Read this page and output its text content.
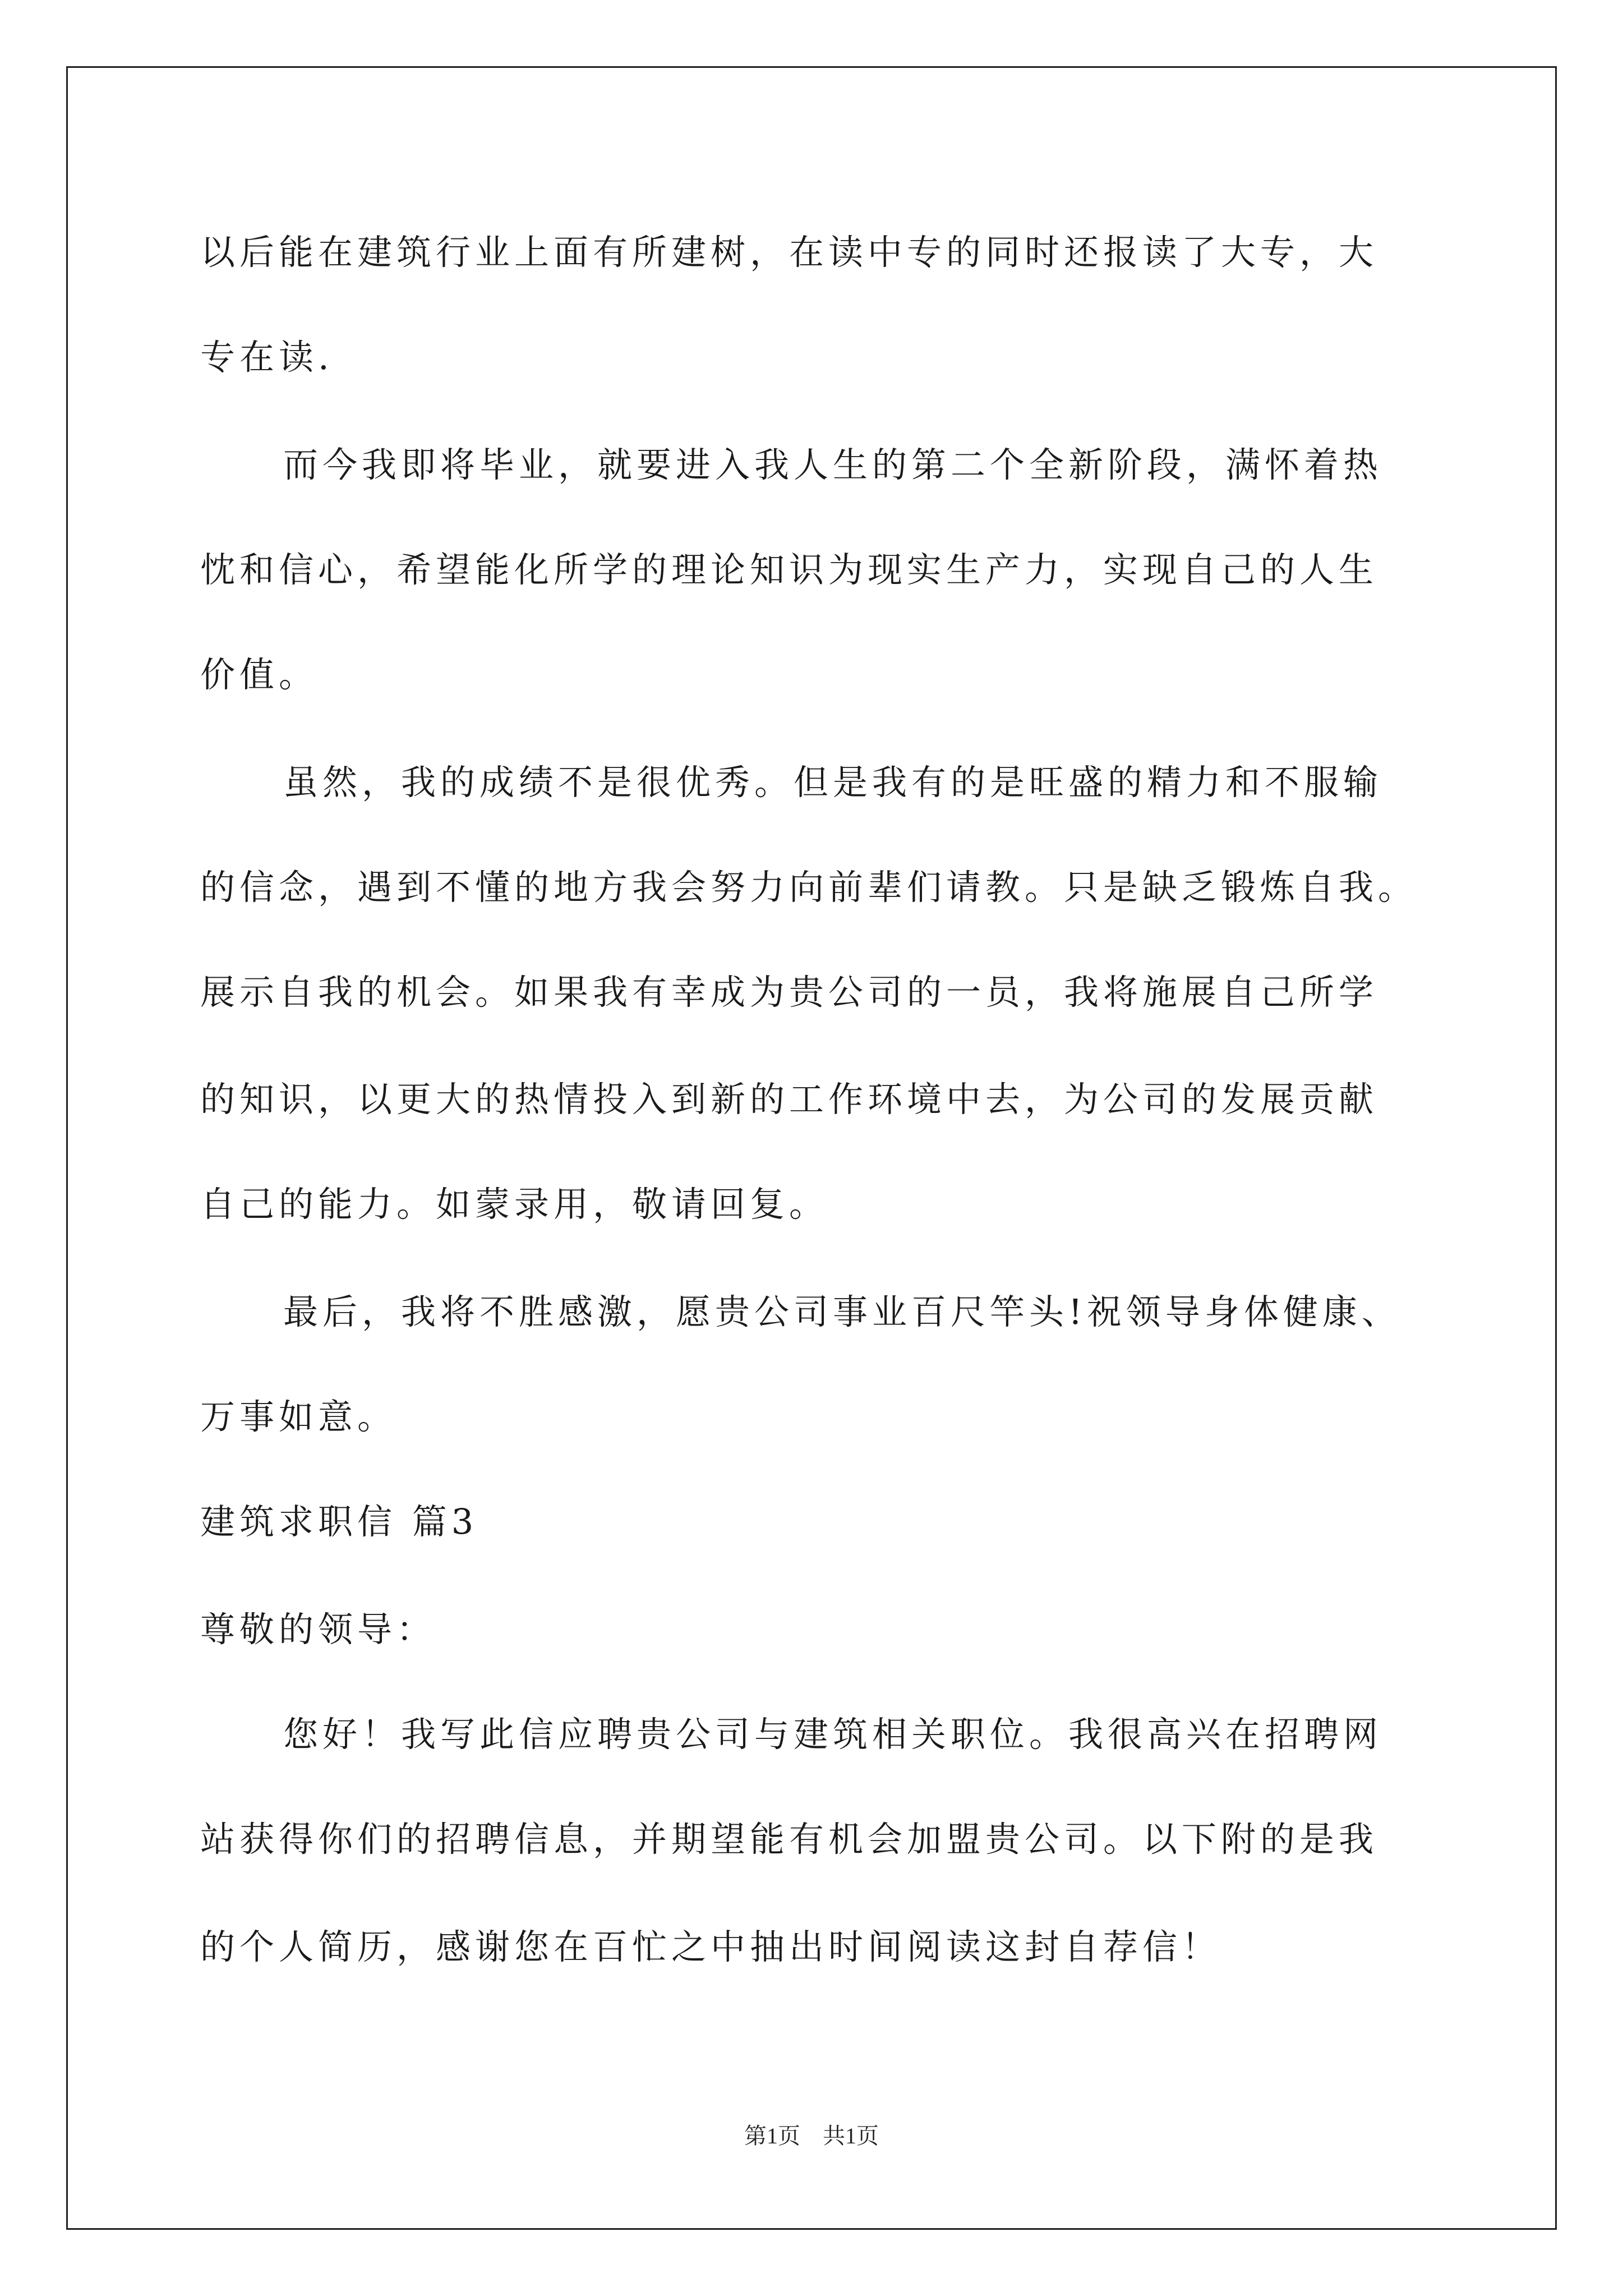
以后能在建筑行业上面有所建树，在读中专的同时还报读了大专，大
专在读.
而今我即将毕业，就要进入我人生的第二个全新阶段，满怀着热
忱和信心，希望能化所学的理论知识为现实生产力，实现自己的人生
价值。
虽然，我的成绩不是很优秀。但是我有的是旺盛的精力和不服输
的信念，遇到不懂的地方我会努力向前辈们请教。只是缺乏锻炼自我。
展示自我的机会。如果我有幸成为贵公司的一员，我将施展自己所学
的知识，以更大的热情投入到新的工作环境中去，为公司的发展贡献
自己的能力。如蒙录用，敬请回复。
最后，我将不胜感激，愿贵公司事业百尺竿头!祝领导身体健康、
万事如意。
建筑求职信 篇3
尊敬的领导：
您好！我写此信应聘贵公司与建筑相关职位。我很高兴在招聘网
站获得你们的招聘信息，并期望能有机会加盟贵公司。以下附的是我
的个人简历，感谢您在百忙之中抽出时间阅读这封自荐信！
第1页　共1页
